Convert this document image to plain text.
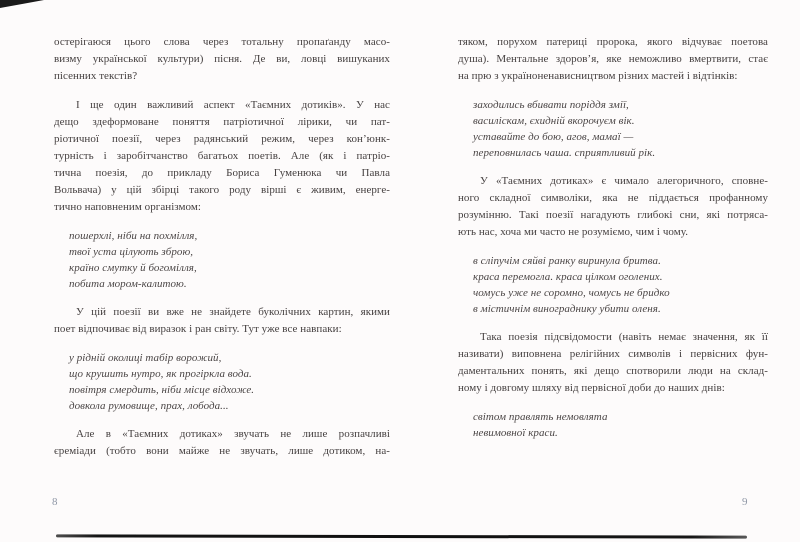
остерігаюся цього слова через тотальну пропаґанду масо-
визму української культури) пісня. Де ви, ловці вишуканих
пісенних текстів?
І ще один важливий аспект «Таємних дотиків». У нас
дещо здеформоване поняття патріотичної лірики, чи пат-
ріотичної поезії, через радянський режим, через кон’юнк-
турність і заробітчанство багатьох поетів. Але (як і патріо-
тична поезія, до прикладу Бориса Гуменюка чи Павла
Вольвача) у цій збірці такого роду вірші є живим, енерге-
тично наповненим організмом:
пошерхлі, ніби на похмілля,
твої уста цілують зброю,
країно смутку й богомілля,
побита мором-калитою.
У цій поезії ви вже не знайдете буколічних картин, якими
поет відпочиває від виразок і ран світу. Тут уже все навпаки:
у рідній околиці табір ворожий,
що крушить нутро, як прогіркла вода.
повітря смердить, ніби місце відхоже.
довкола румовище, прах, лобода...
Але в «Таємних дотиках» звучать не лише розпачливі
єреміади (тобто вони майже не звучать, лише дотиком, на-
8
тяком, порухом патериці пророка, якого відчуває поетова
душа). Ментальне здоров’я, яке неможливо вмертвити, стає
на прю з україноненависництвом різних мастей і відтінків:
заходились вбивати поріддя змії,
василіскам, єхидній вкорочуєм вік.
уставайте до бою, агов, мамаї —
переповнилась чаша. сприятливий рік.
У «Таємних дотиках» є чимало алегоричного, сповне-
ного складної символіки, яка не піддається профанному
розумінню. Такі поезії нагадують глибокі сни, які потряса-
ють нас, хоча ми часто не розуміємо, чим і чому.
в сліпучім сяйві ранку виринула бритва.
краса перемогла. краса цілком оголених.
чомусь уже не соромно, чомусь не бридко
в містичнім винограднику убити оленя.
Така поезія підсвідомости (навіть немає значення, як її
називати) виповнена релігійних символів і первісних фун-
даментальних понять, які дещо спотворили люди на склад-
ному і довгому шляху від первісної доби до наших днів:
світом правлять немовлята
невимовної краси.
9
